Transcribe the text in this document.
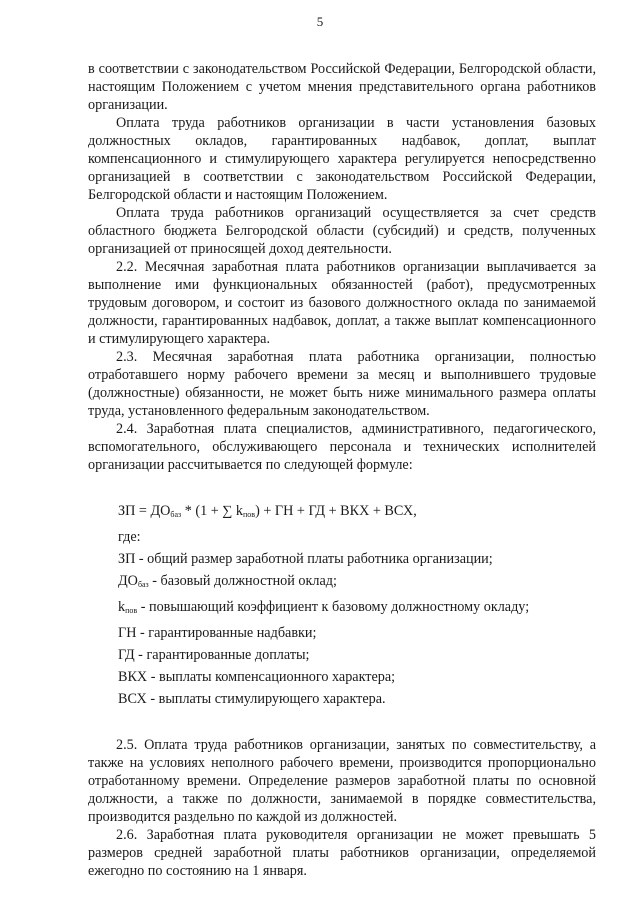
5

в соответствии с законодательством Российской Федерации, Белгородской области, настоящим Положением с учетом мнения представительного органа работников организации.

Оплата труда работников организации в части установления базовых должностных окладов, гарантированных надбавок, доплат, выплат компенсационного и стимулирующего характера регулируется непосредственно организацией в соответствии с законодательством Российской Федерации, Белгородской области и настоящим Положением.

Оплата труда работников организаций осуществляется за счет средств областного бюджета Белгородской области (субсидий) и средств, полученных организацией от приносящей доход деятельности.

2.2. Месячная заработная плата работников организации выплачивается за выполнение ими функциональных обязанностей (работ), предусмотренных трудовым договором, и состоит из базового должностного оклада по занимаемой должности, гарантированных надбавок, доплат, а также выплат компенсационного и стимулирующего характера.

2.3. Месячная заработная плата работника организации, полностью отработавшего норму рабочего времени за месяц и выполнившего трудовые (должностные) обязанности, не может быть ниже минимального размера оплаты труда, установленного федеральным законодательством.

2.4. Заработная плата специалистов, административного, педагогического, вспомогательного, обслуживающего персонала и технических исполнителей организации рассчитывается по следующей формуле:

ЗП = $ДО_{баз} * (1$ + ∑ $k_{пов}$) + ГН + ГД + ВКХ + ВСХ,
где:
ЗП - общий размер заработной платы работника организации;
$ДО_{баз}$ - базовый должностной оклад;
$k_{пов}$ - повышающий коэффициент к базовому должностному окладу;
ГН - гарантированные надбавки;
ГД - гарантированные доплаты;
ВКХ - выплаты компенсационного характера;
ВСХ - выплаты стимулирующего характера.

2.5. Оплата труда работников организации, занятых по совместительству, а также на условиях неполного рабочего времени, производится пропорционально отработанному времени. Определение размеров заработной платы по основной должности, а также по должности, занимаемой в порядке совместительства, производится раздельно по каждой из должностей.

2.6. Заработная плата руководителя организации не может превышать 5 размеров средней заработной платы работников организации, определяемой ежегодно по состоянию на 1 января.
